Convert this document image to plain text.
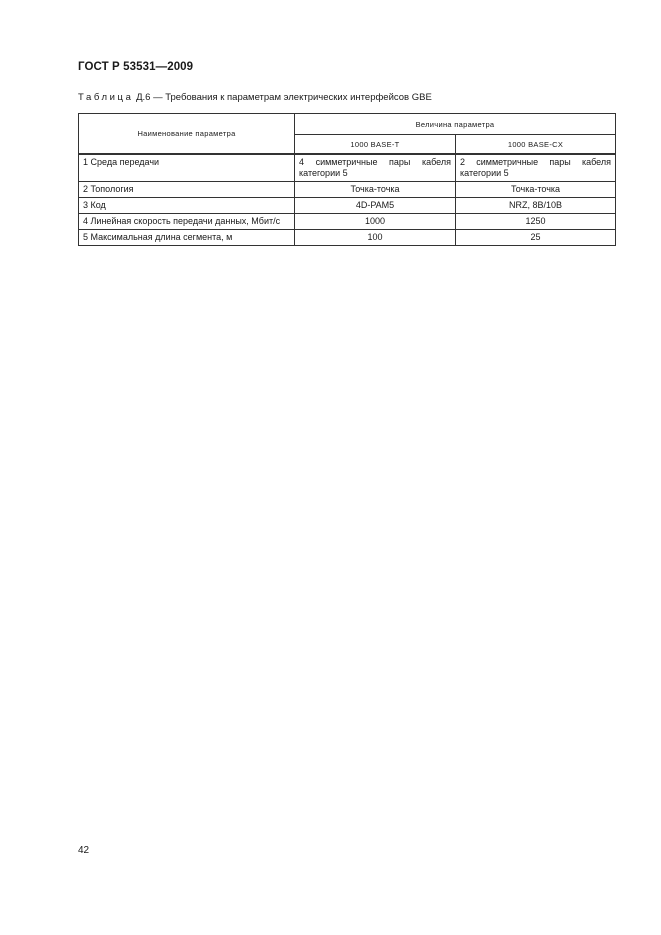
ГОСТ Р 53531—2009
Таблица Д.6 — Требования к параметрам электрических интерфейсов GBE
Наименование параметра	Величина параметра	
	1000 BASE-T	1000 BASE-CX
1 Среда передачи	4 симметричные пары кабеля категории 5	2 симметричные пары кабеля категории 5
2 Топология	Точка-точка	Точка-точка
3 Код	4D-PAM5	NRZ, 8B/10B
4 Линейная скорость передачи данных, Мбит/с	1000	1250
5 Максимальная длина сегмента, м	100	25
42
